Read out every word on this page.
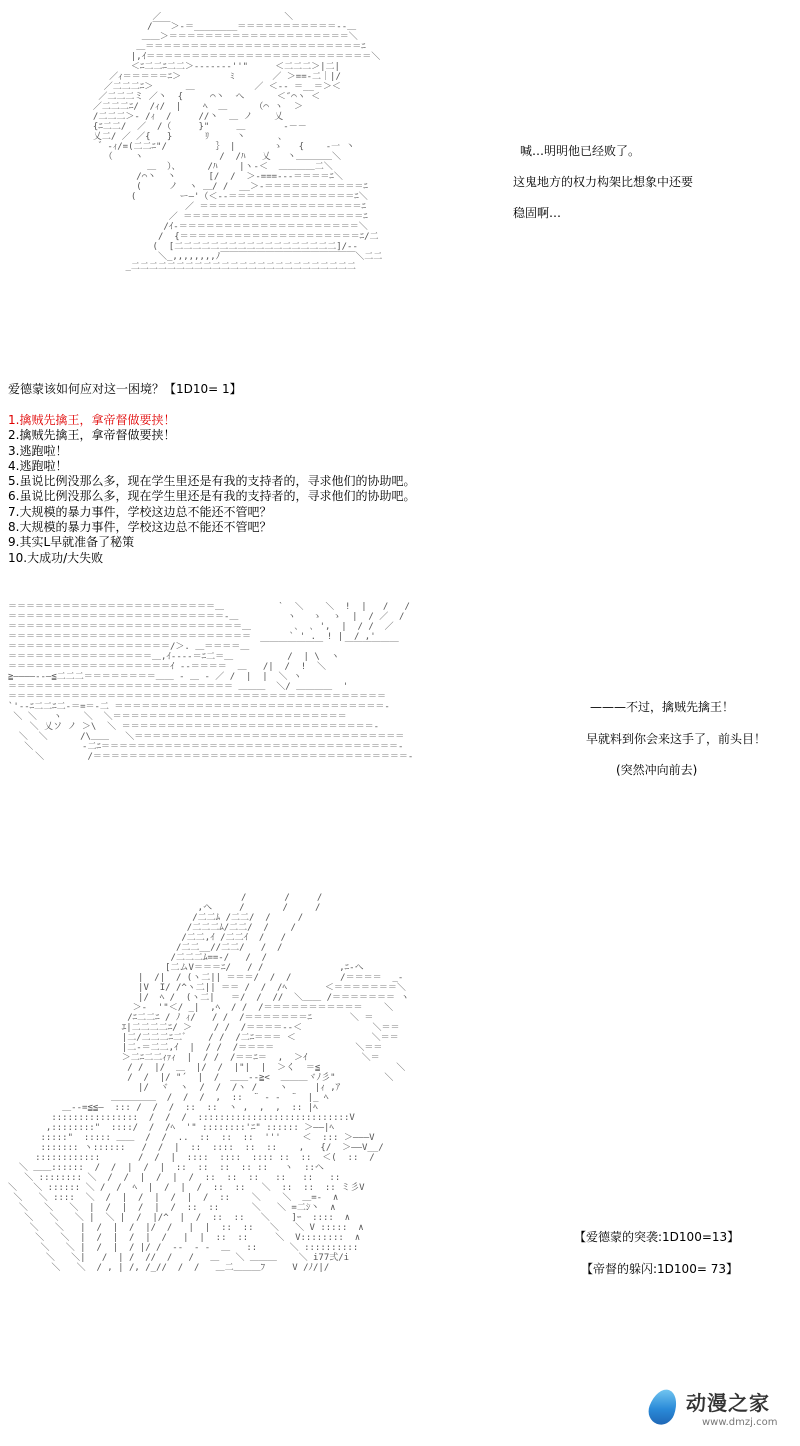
／￣￣￣￣￣￣￣￣ ￣￣￣￣￣＼
/￣￣＞-＝________＝＝＝＝＝＝＝＝＝＝＝--＿
＿＿＞＝＝＝＝＝＝＝＝＝＝＝＝＝＝＝＝＝＝＝＝＼
＿＝＝＝＝＝＝＝＝＝＝＝＝＝＝＝＝＝＝＝＝＝＝＝＝ﾆ
|,ｲ＝＝＝＝＝＝＝＝＝＝＝＝＝＝＝＝＝＝＝＝＝＝＝＝＝＼
＜ﾆ二二ﾆ二二＞--‐‐‐‐‐''"     ＜二二二＞|二|
／ｨ＝＝＝＝＝ﾆ＞         ﾐ       ／ ＞==-二｜|/
／二二二ﾆ＞      ＿           ／ ＜‐‐ ＝__＝＞＜
／二二二ミ ／丶  {     ⌒丶  へ      ＜″⌒ヽ ＜
／二二二ﾆ/  /ｨ/  |    ﾍ  ＿     （⌒ ヽ  ＞
/二二二＞‐ /ｨ  /     //丶  ＿ ノ    乂
{ﾆ二二/  ／  /（     }"     ＿       ‐－－
乂二/ ／ ／{   }      ﾘ     丶      、
゛-ｨ/=(二二ﾆ"/         ｝ |       ゝ   {    ‐一 丶
（    ヽ              /  /ﾊ   乂   丶＿＿＿＿＼
＿  ）、     /ﾊ    |ヽ-＜  ＿＿＿＿二＼
/⌒丶  丶      [/  /  ＞-===‐‐‐＝＝＝＝ﾆ＼
(     ノ  ヽ ＿/ /  __＞-＝＝＝＝＝＝＝＝＝＝＝ﾆ
(        ー―'（＜‐‐＝＝＝＝＝＝＝＝＝＝＝＝＝＝ﾆ＼
／ ＝＝＝＝＝＝＝＝＝＝＝＝＝＝＝＝＝＝ﾆ
／ ＝＝＝＝＝＝＝＝＝＝＝＝＝＝＝＝＝＝＝＝ﾆ
/ｲ-＝＝＝＝＝＝＝＝＝＝＝＝＝＝＝＝＝＝＝＝＼
/  {＝＝＝＝＝＝＝＝＝＝＝＝＝＝＝＝＝＝＝＝ﾆ/二
(  [二二二二二二二二二二二二二二二二二二]/-‐
＼_,,,,,,,,ﾉ￣￣￣￣￣￣￣￣￣￣￣￣￣￣￣＼二二
_二二二二二二二二二二二二二二二二二二二二二二二二二
喊…明明他已经败了。
这鬼地方的权力构架比想象中还要
稳固啊…
爱德蒙该如何应对这一困境？【1D10= 1】
1.擒贼先擒王，拿帝督做要挟！
2.擒贼先擒王，拿帝督做要挟！
3.逃跑啦！
4.逃跑啦！
5.虽说比例没那么多，现在学生里还是有我的支持者的，寻求他们的协助吧。
6.虽说比例没那么多，现在学生里还是有我的支持者的，寻求他们的协助吧。
7.大规模的暴力事件，学校这边总不能还不管吧？
8.大规模的暴力事件，学校这边总不能还不管吧？
9.其实L早就准备了秘策
10.大成功/大失败
＝＝＝＝＝＝＝＝＝＝＝＝＝＝＝＝＝＝＝＝＝＝＝＿          `  ＼    ＼  !  |   /   /
＝＝＝＝＝＝＝＝＝＝＝＝＝＝＝＝＝＝＝＝＝＝＝＝-＿         ヽ   ゝ  ゝ  |  / ／  /
＝＝＝＝＝＝＝＝＝＝＝＝＝＝＝＝＝＝＝＝＝＝＝＝＝＝＿        ､  ､ ',  |  / /  ／
＝＝＝＝＝＝＝＝＝＝＝＝＝＝＝＝＝＝＝＝＝＝＝＝＝＝＝       ` ' .  ! |  / ,'
＝＝＝＝＝＝＝＝＝＝＝＝＝＝＝＝＝＝/＞. ＿＝＝＝＝＿  ￣￣￣￣￣￣￣    ￣￣￣￣￣￣
＝＝＝＝＝＝＝＝＝＝＝＝＝＝＝＝＿,ｲ‐‐‐‐＝ﾆ二＝＿          /  | \  ヽ
＝＝＝＝＝＝＝＝＝＝＝＝＝＝＝＝＝＝ｲ ‐‐＝＝＝＝  ＿   /|  /  !  ＼
≧――――‐‐―≦二二二＝＝＝＝＝＝＝＝＿＿ ‐ ＿ ‐ ／ /  |  |  ＼ ヽ
＝＝＝＝＝＝＝＝＝＝＝＝＝＝＝＝＝＝＝＝＝＝＝＝＝ ＿＿＿  ＼/ ＿＿＿＿  '
＝＝＝＝＝＝＝＝＝＝＝＝＝＝＝＝＝＝＝＝＝＝＝＝＝＝＝＝＝＝＝＝＝＝＝＝＝＝＝＝＝＝
`'‐‐ﾆ二二ﾆ二-＝=＝-二 ＝＝＝＝＝＝＝＝＝＝＝＝＝＝＝＝＝＝＝＝＝＝＝＝＝＝＝＝＝＝-
＼ ＼   ヽ    ＼  ＼＝＝＝＝＝＝＝＝＝＝＝＝＝＝＝＝＝＝＝＝＝＝＝＝＝＝
＼ 乂ソ ノ ＞\  ＼ ＝＝＝＝＝＝＝＝＝＝＝＝＝＝＝＝＝＝＝＝＝＝＝＝＝＝＝＝-
＼  ＼      /\＿＿   ＼＝＝＝＝＝＝＝＝＝＝＝＝＝＝＝＝＝＝＝＝＝＝＝＝＝＝＝＝＝＝
＼         -二ﾆ＝＝＝＝＝＝＝＝＝＝＝＝＝＝＝＝＝＝＝＝＝＝＝＝＝＝＝＝＝＝＝＝＝-
＼        /＝＝＝＝＝＝＝＝＝＝＝＝＝＝＝＝＝＝＝＝＝＝＝＝＝＝＝＝＝＝＝＝＝＝＝-
———不过，擒贼先擒王！
早就料到你会来这手了，前头目！
(突然冲向前去)
/       /     /
,へ     /       /     /
/二二ﾑ /二二/  /     /
/二二二ﾑ/二二/  /    /
/二二,ｲ /二二ｲ  /   /
/二二__//二二/   /  /
/二二二ﾑ==-/   /  /
[二ムV＝＝＝ﾆ/   / /              ,ﾆ-へ
|  /|  / (ヽ二|| ＝＝＝/  /  /         /＝＝＝＝  _-
|V  I/ /^ヽ二|| ＝＝ /  /  /ﾍ       ＜＝＝＝＝＝＝＝＼
|/  ﾍ /  (ヽ二|   ＝/  /  //  ＼＿＿ /＝＝＝＝＝＝＝ ヽ
＞-  '"＜/ _|  ,ﾍ  / /  /＝＝＝＝＝＝＝＝＝＝＝    ＼
/ﾆ二二ﾆ / ﾉ ｨ/   / /  /＝＝＝＝＝＝＝ﾆ       ＼ ＝
ｴ|二二二二ﾆ/ ＞    / /  /＝＝＝＝‐‐＜             ＼＝＝
|二/二二二ﾆ二ﾞ    / /  /二ﾆ＝＝＝ ＜              ＼＝＝
|二-＝二二,ｲ  |  / /  /＝＝＝＝               ＼＝＝
＞二ﾆ二二ｨｧｨ  |  / /  /＝＝ﾆ＝  ,  ＞ｲ          ＼＝
/ /  |/  ＿  |/  /  |"|  |  ＞く  ＝≦              ＼
/  /  |/ "´  |  /  ＿＿‐‐≧<  ＿＿＿ヾﾉ彡"         ＼
|/  ヾ  ヽ  /  /  /ヽ /    ヽ     |ｨ ,ｱ
＿＿＿＿＿  /  /  /  ,  ::  ¨ ‐ ‐  ¨  |_ ﾍ
＿‐‐=≦≦―  ::: /  /  /  ::  ::  ヽ ,  ,  ,  :: |ﾍ
::::::::::::::::  /  /  /  ::::::::::::::::::::::::::::V
,::::::::"  ::::/  /  /ﾍ  '" ::::::::'ﾆ" :::::: ＞――|ﾍ
:::::"  ::::: ＿＿  /  /  ..  ::  ::  ::  '''    ＜  ::: ＞―――V
::::::: ヽ::::::   /  /  |  ::  ::::  ::  ::    ,   {/  ＞――V__/
::::::::::::       /  /  |  ::::  ::::  :::: ::  ::  ＜(  ::  /
＼ ＿＿::::::  /  /  |  /  |  ::  ::  ::  :: ::   ヽ  ::ヘ
＼ :::::::: ＼  /  /  |  /  |  /  ::  ::  ::   ::   ::   ::
＼   ＼ :::::: ＼ /  /  ﾍ  |  /  |  /  ::  ::   ＼  ::  ::  :: ミ彡V
＼   ＼ ::::  ＼  /  |  /  |  /  |  /  ::    ＼    ＼  ＿=-  ∧
＼   ＼   ＼  |  /  |  /  |  /  ::  ::      ＼   ＼ =二ｼ丶  ∧
＼   ＼   ＼ |  ＼ |  /  |/^  |  /  ::  ::   ＼    ]ｰ  ::::  ∧
＼   ＼   |  /  |  /  |/  /   |  |  ::  ::   ＼   ＼ V :::::  ∧
＼   ＼  |  /  |  /  |  /   |  |  ::  ::     ＼  V::::::::  ∧
＼   ＼ |  /  |  / |/ /  ‐‐  ‐ ‐  ＿   ::      ＼ ::::::::::
＼   ＼|   /  | /  //  /   /   ＿   ＼ ＿＿＿    ＼ i77弍/i
＼   ＼  / , | /, /_//  /  /   ＿二＿＿＿ﾌ     V /ﾉ/|/
【爱德蒙的突袭:1D100=13】
【帝督的躲闪:1D100= 73】
动漫之家
www.dmzj.com
